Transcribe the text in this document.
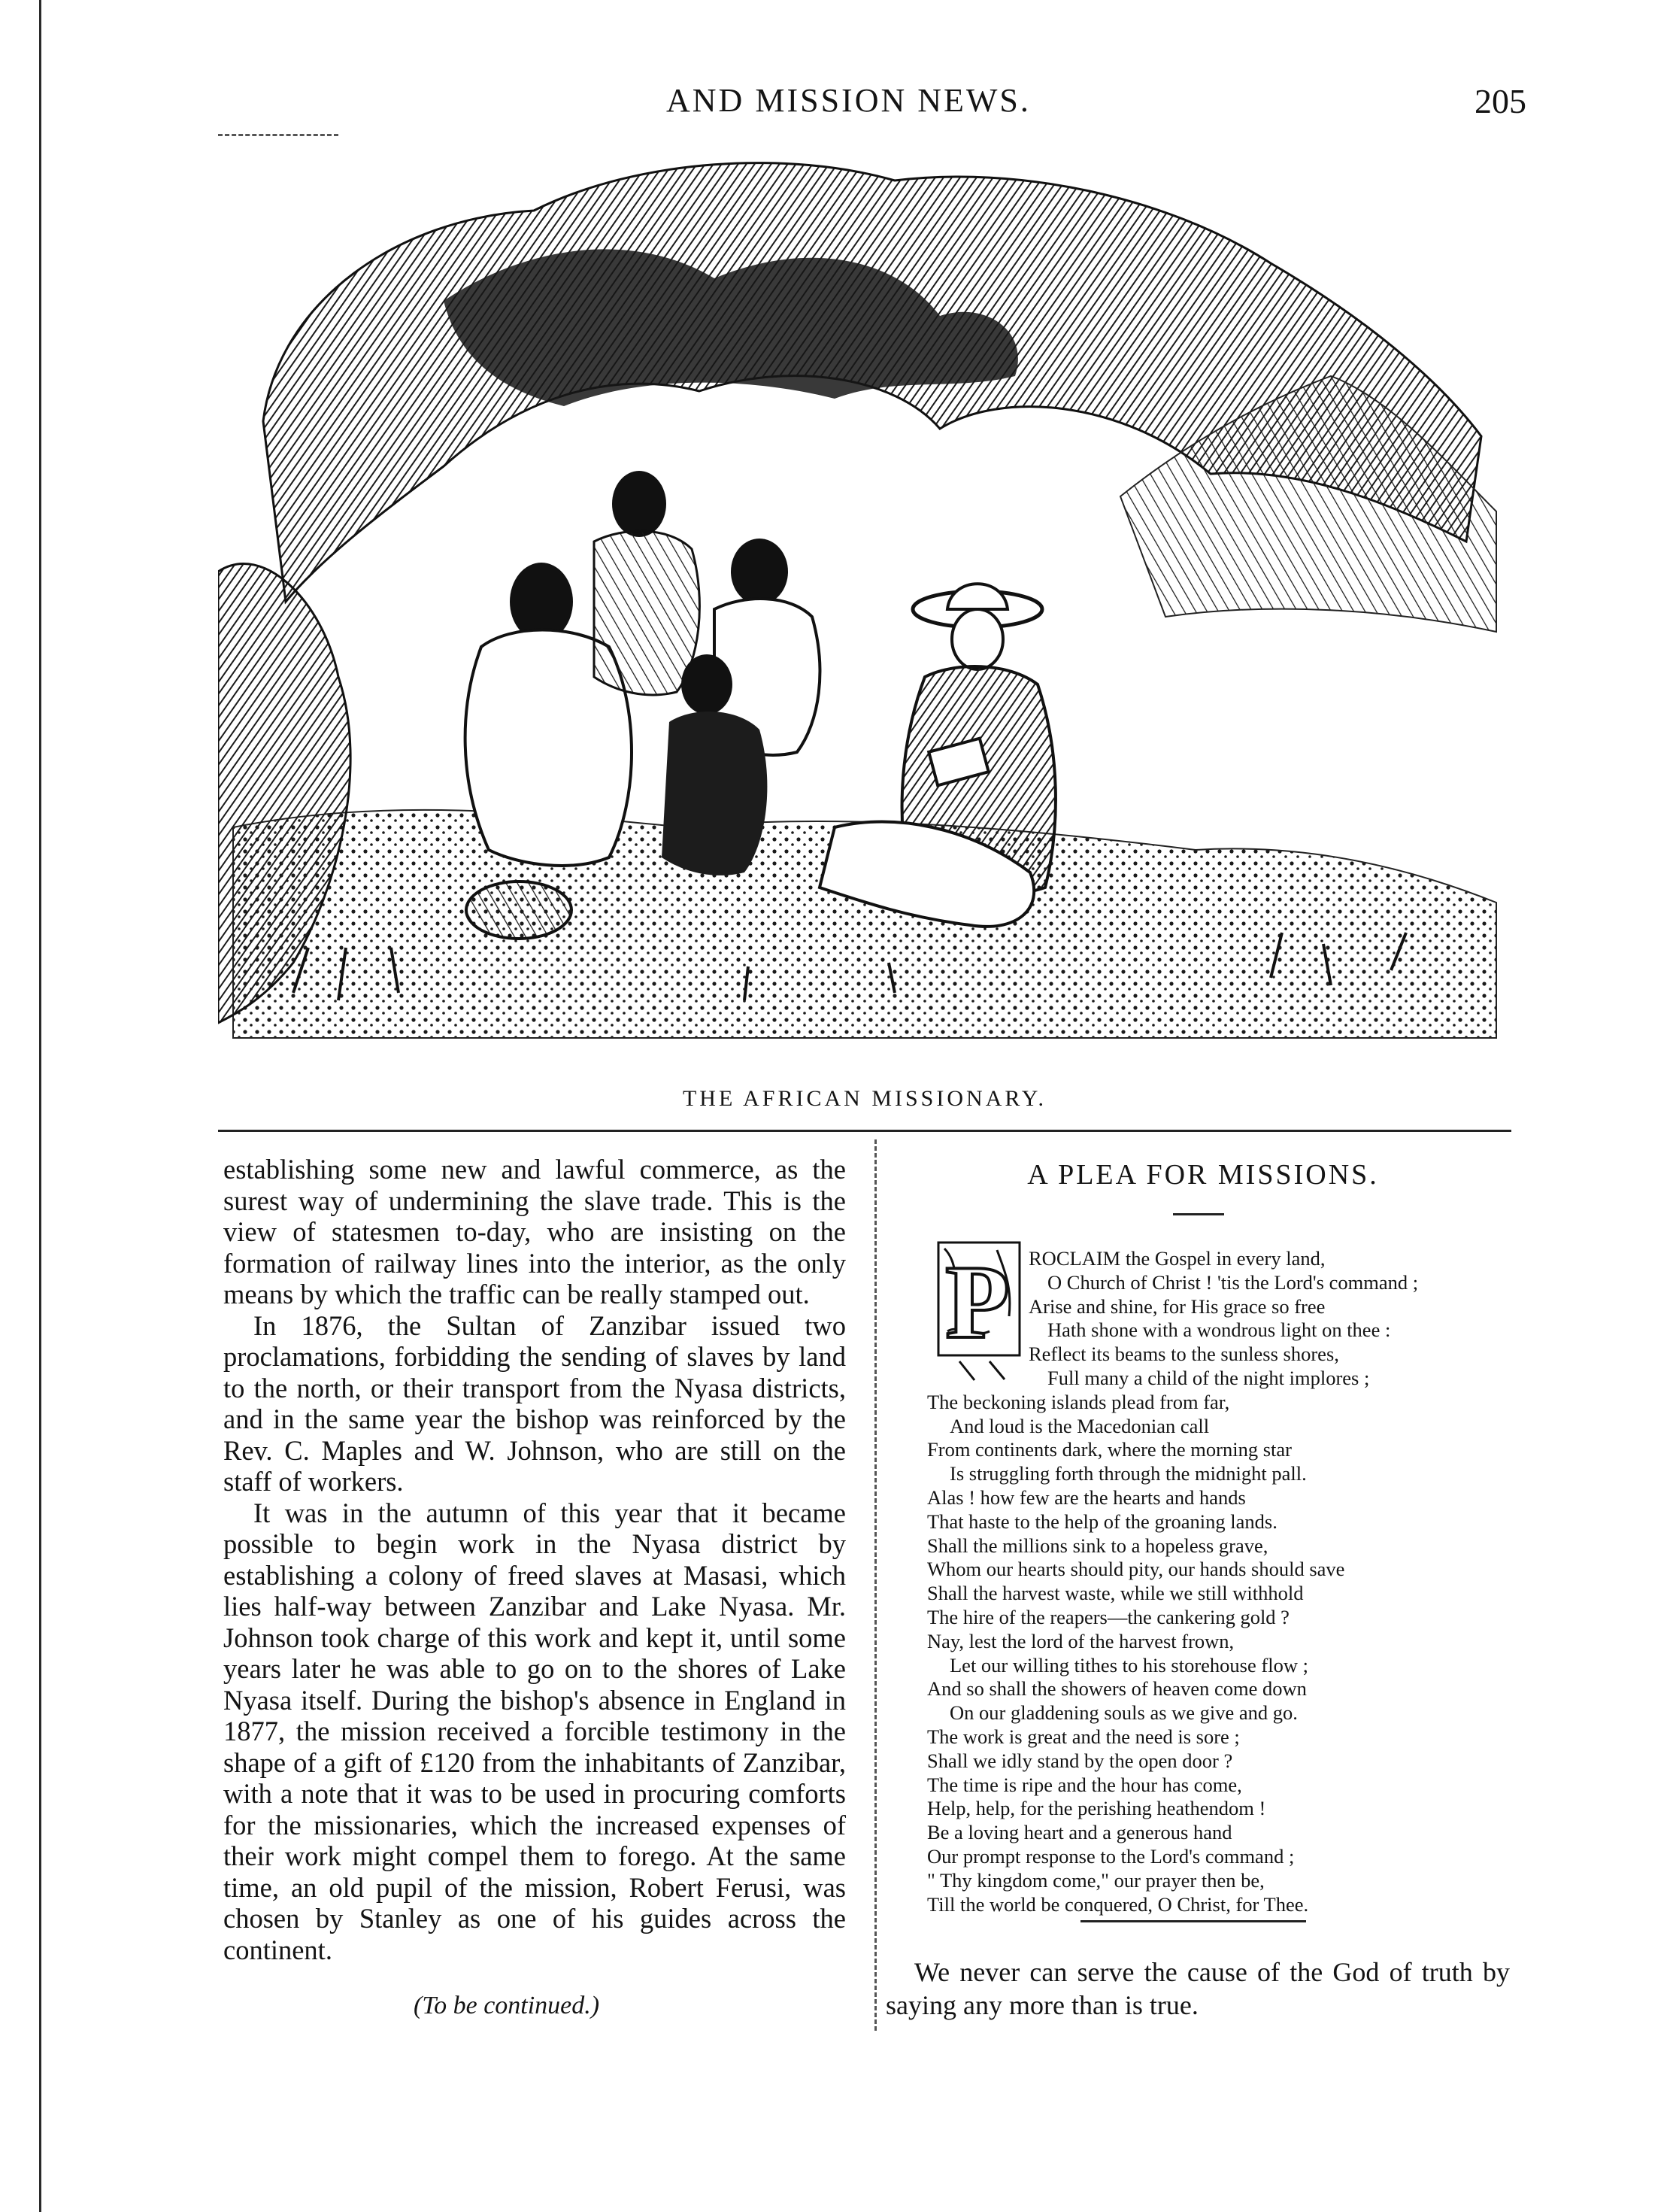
AND MISSION NEWS.	205
THE AFRICAN MISSIONARY.

establishing some new and lawful commerce, as the surest way of undermining the slave trade. This is the view of statesmen to-day, who are insisting on the formation of railway lines into the interior, as the only means by which the traffic can be really stamped out.

In 1876, the Sultan of Zanzibar issued two proclamations, forbidding the sending of slaves by land to the north, or their transport from the Nyasa districts, and in the same year the bishop was reinforced by the Rev. C. Maples and W. Johnson, who are still on the staff of workers.

It was in the autumn of this year that it became possible to begin work in the Nyasa district by establishing a colony of freed slaves at Masasi, which lies half-way between Zanzibar and Lake Nyasa. Mr. Johnson took charge of this work and kept it, until some years later he was able to go on to the shores of Lake Nyasa itself. During the bishop's absence in England in 1877, the mission received a forcible testimony in the shape of a gift of £120 from the inhabitants of Zanzibar, with a note that it was to be used in procuring comforts for the missionaries, which the increased expenses of their work might compel them to forego. At the same time, an old pupil of the mission, Robert Ferusi, was chosen by Stanley as one of his guides across the continent.

(To be continued.)
A PLEA FOR MISSIONS.
P ROCLAIM the Gospel in every land,
O Church of Christ ! 'tis the Lord's command ;
Arise and shine, for His grace so free
Hath shone with a wondrous light on thee :
Reflect its beams to the sunless shores,
Full many a child of the night implores ;
The beckoning islands plead from far,
And loud is the Macedonian call
From continents dark, where the morning star
Is struggling forth through the midnight pall.
Alas ! how few are the hearts and hands
That haste to the help of the groaning lands.
Shall the millions sink to a hopeless grave,
Whom our hearts should pity, our hands should save
Shall the harvest waste, while we still withhold
The hire of the reapers—the cankering gold ?
Nay, lest the lord of the harvest frown,
Let our willing tithes to his storehouse flow ;
And so shall the showers of heaven come down
On our gladdening souls as we give and go.
The work is great and the need is sore ;
Shall we idly stand by the open door ?
The time is ripe and the hour has come,
Help, help, for the perishing heathendom !
Be a loving heart and a generous hand
Our prompt response to the Lord's command ;
" Thy kingdom come," our prayer then be,
Till the world be conquered, O Christ, for Thee.

We never can serve the cause of the God of truth by saying any more than is true.
